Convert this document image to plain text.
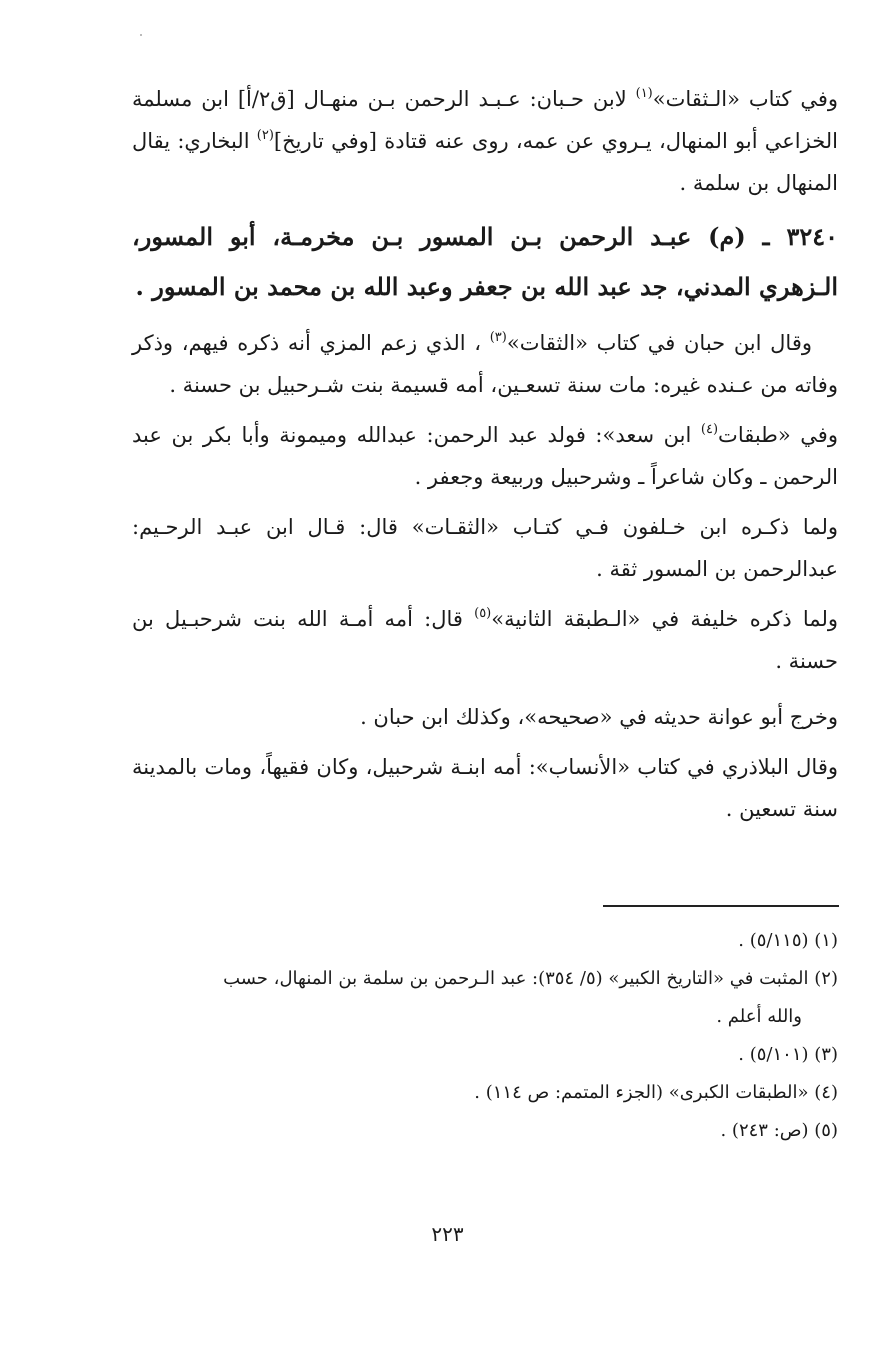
وفي كتاب «الـثقات»$^{(١)}$ لابن حـبان: عـبـد الرحمن بـن منهـال [ق٢/أ] ابن مسلمة الخزاعي أبو المنهال، يـروي عن عمه، روى عنه قتادة [وفي تاريخ]$^{(٢)}$ البخاري: يقال المنهال بن سلمة .

٣٢٤٠ ـ (م) عبـد الرحمن بـن المسور بـن مخرمـة، أبو المسور، الـزهري المدني، جد عبد الله بن جعفر وعبد الله بن محمد بن المسور .

وقال ابن حبان في كتاب «الثقات»$^{(٣)}$ ، الذي زعم المزي أنه ذكره فيهم، وذكر وفاته من عـنده غيره: مات سنة تسعـين، أمه قسيمة بنت شـرحبيل بن حسنة .

وفي «طبقات$^{(٤)}$ ابن سعد»: فولد عبد الرحمن: عبدالله وميمونة وأبا بكر بن عبد الرحمن ـ وكان شاعراً ـ وشرحبيل وربيعة وجعفر .

ولما ذكـره ابن خـلفون فـي كتـاب «الثقـات» قال: قـال ابن عبـد الرحـيم: عبدالرحمن بن المسور ثقة .

ولما ذكره خليفة في «الـطبقة الثانية»$^{(٥)}$ قال: أمه أمـة الله بنت شرحبـيل بن حسنة .

وخرج أبو عوانة حديثه في «صحيحه»، وكذلك ابن حبان .

وقال البلاذري في كتاب «الأنساب»: أمه ابنـة شرحبيل، وكان فقيهاً، ومات بالمدينة سنة تسعين .

(١) (٥/١١٥) .

(٢) المثبت في «التاريخ الكبير» (٥/ ٣٥٤): عبد الـرحمن بن سلمة بن المنهال، حسب
والله أعلم .

(٣) (٥/١٠١) .

(٤) «الطبقات الكبرى» (الجزء المتمم: ص ١١٤) .

(٥) (ص: ٢٤٣) .

٢٢٣
